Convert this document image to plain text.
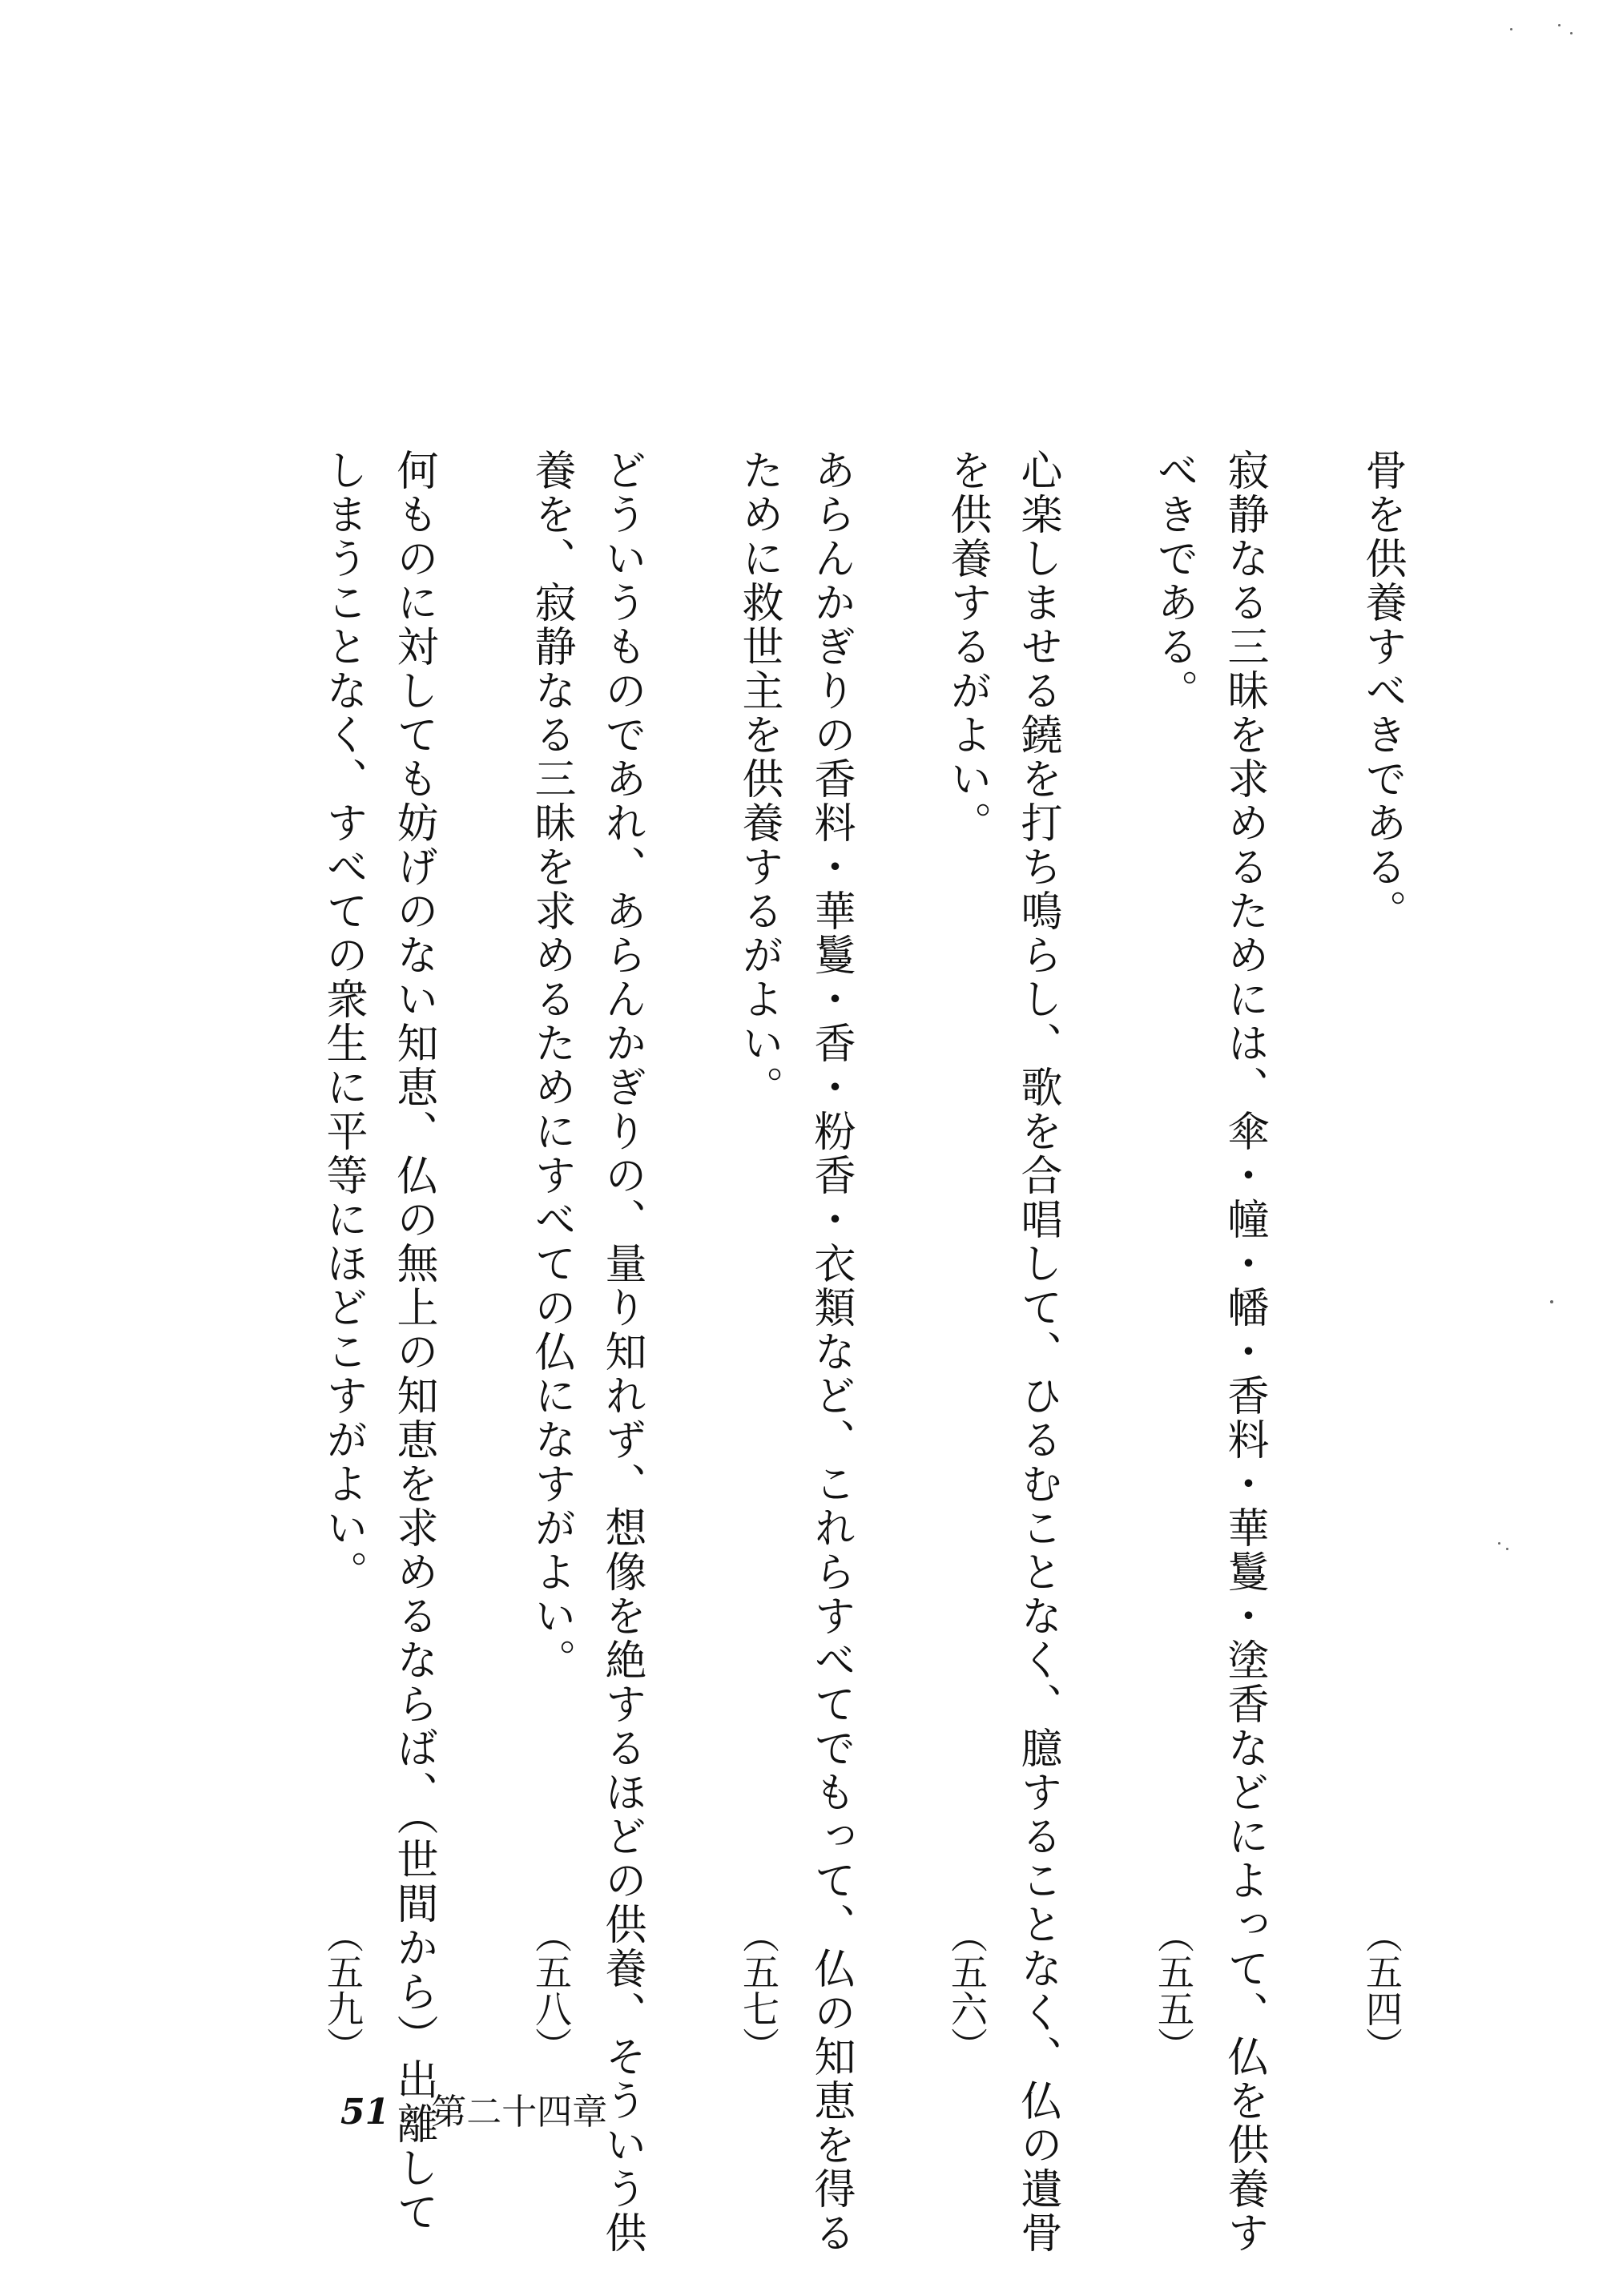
骨を供養すべきである。
（五四）
寂静なる三昧を求めるためには、傘・幢・幡・香料・華鬘・塗香などによって、仏を供養す
べきである。
（五五）
心楽しませる鐃を打ち鳴らし、歌を合唱して、ひるむことなく、臆することなく、仏の遺骨
を供養するがよい。
（五六）
あらんかぎりの香料・華鬘・香・粉香・衣類など、これらすべてでもって、仏の知恵を得る
ために救世主を供養するがよい。
（五七）
どういうものであれ、あらんかぎりの、量り知れず、想像を絶するほどの供養、そういう供
養を、寂静なる三昧を求めるためにすべての仏になすがよい。
（五八）
何ものに対しても妨げのない知恵、仏の無上の知恵を求めるならば、（世間から）出離して
しまうことなく、すべての衆生に平等にほどこすがよい。
（五九）
51 第二十四章
